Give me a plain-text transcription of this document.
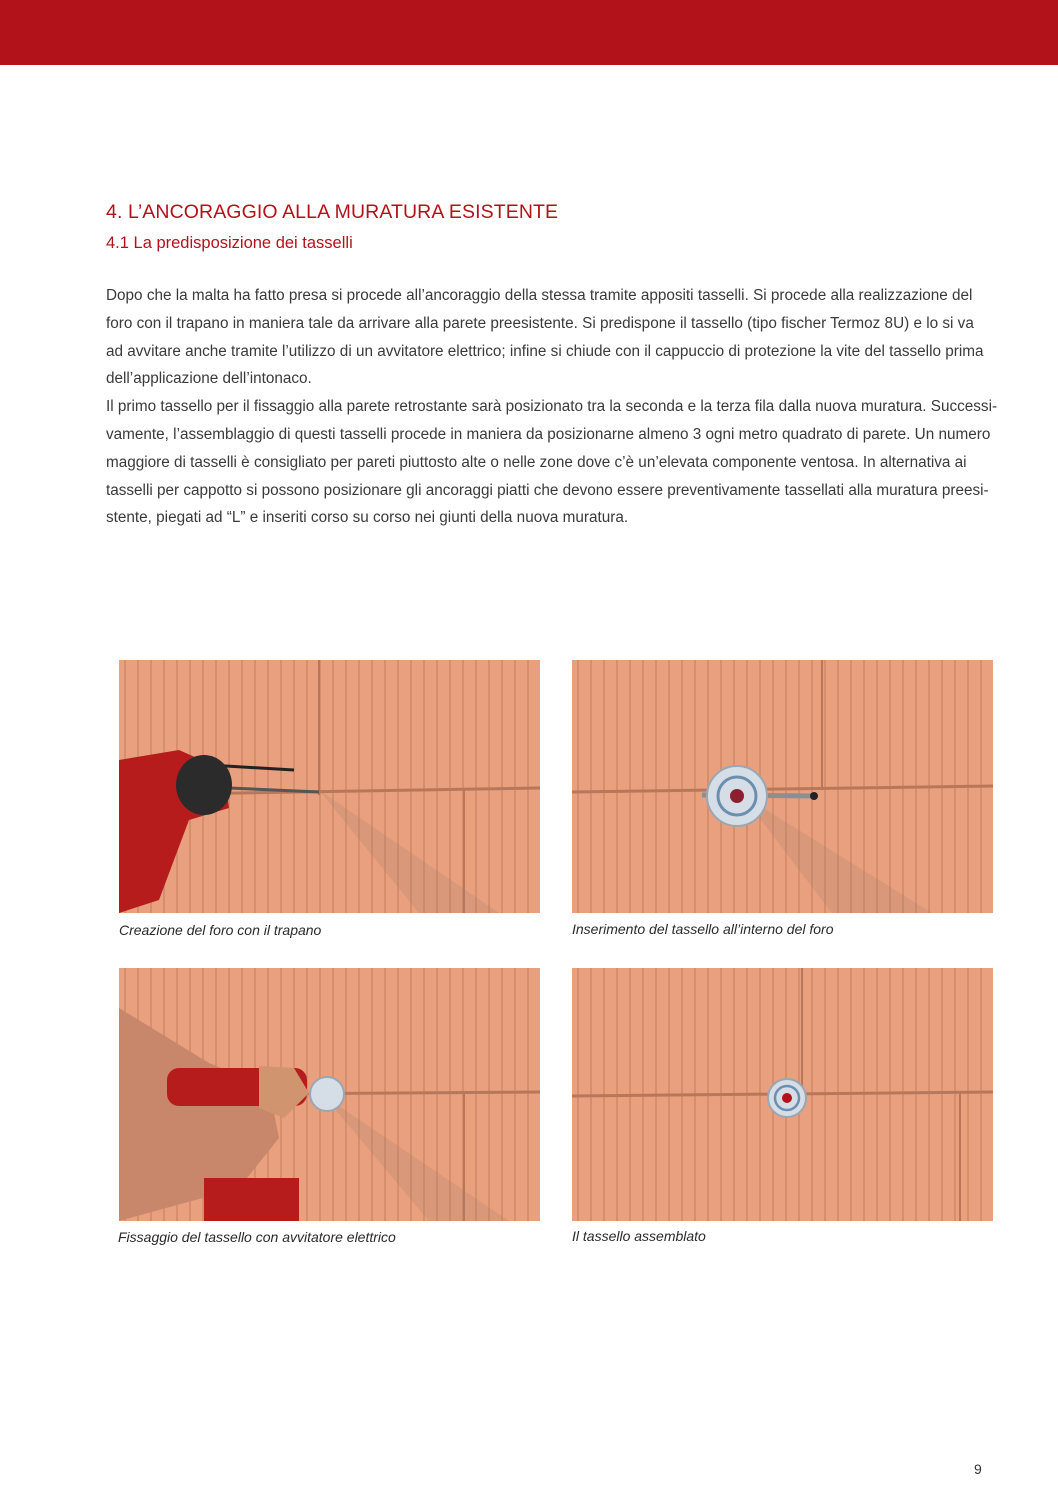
4. L’ANCORAGGIO ALLA MURATURA ESISTENTE
4.1 La predisposizione dei tasselli
Dopo che la malta ha fatto presa si procede all’ancoraggio della stessa tramite appositi tasselli. Si procede alla realizzazione del
foro con il trapano in maniera tale da arrivare alla parete preesistente. Si predispone il tassello (tipo fischer Termoz 8U) e lo si va
ad avvitare anche tramite l’utilizzo di un avvitatore elettrico; infine si chiude con il cappuccio di protezione la vite del tassello prima
dell’applicazione dell’intonaco.
Il primo tassello per il fissaggio alla parete retrostante sarà posizionato tra la seconda e la terza fila dalla nuova muratura. Successi-
vamente, l’assemblaggio di questi tasselli procede in maniera da posizionarne almeno 3 ogni metro quadrato di parete. Un numero
maggiore di tasselli è consigliato per pareti piuttosto alte o nelle zone dove c’è un’elevata componente ventosa. In alternativa ai
tasselli per cappotto si possono posizionare gli ancoraggi piatti che devono essere preventivamente tassellati alla muratura preesi-
stente, piegati ad “L” e inseriti corso su corso nei giunti della nuova muratura.
Creazione del foro con il trapano	Inserimento del tassello all’interno del foro
Fissaggio del tassello con avvitatore elettrico	Il tassello assemblato
9
